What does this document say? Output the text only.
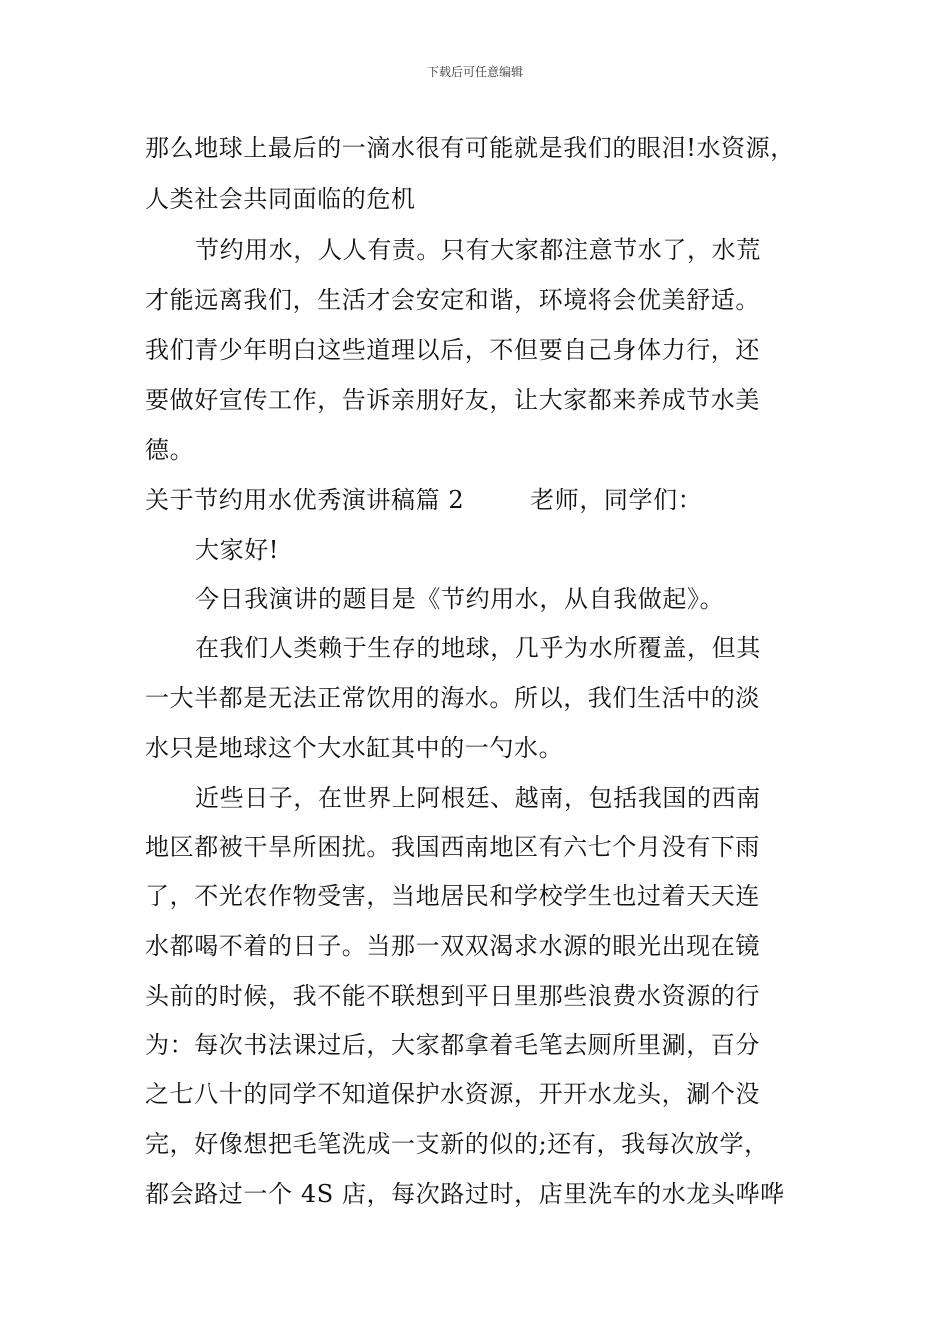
下载后可任意编辑
那么地球上最后的一滴水很有可能就是我们的眼泪!水资源，
人类社会共同面临的危机
节约用水，人人有责。只有大家都注意节水了，水荒
才能远离我们，生活才会安定和谐，环境将会优美舒适。
我们青少年明白这些道理以后，不但要自己身体力行，还
要做好宣传工作，告诉亲朋好友，让大家都来养成节水美
德。
关于节约用水优秀演讲稿篇 2        老师，同学们：
大家好!
今日我演讲的题目是《节约用水，从自我做起》。
在我们人类赖于生存的地球，几乎为水所覆盖，但其
一大半都是无法正常饮用的海水。所以，我们生活中的淡
水只是地球这个大水缸其中的一勺水。
近些日子，在世界上阿根廷、越南，包括我国的西南
地区都被干旱所困扰。我国西南地区有六七个月没有下雨
了，不光农作物受害，当地居民和学校学生也过着天天连
水都喝不着的日子。当那一双双渴求水源的眼光出现在镜
头前的时候，我不能不联想到平日里那些浪费水资源的行
为：每次书法课过后，大家都拿着毛笔去厕所里涮，百分
之七八十的同学不知道保护水资源，开开水龙头，涮个没
完，好像想把毛笔洗成一支新的似的;还有，我每次放学，
都会路过一个 4S 店，每次路过时，店里洗车的水龙头哗哗
